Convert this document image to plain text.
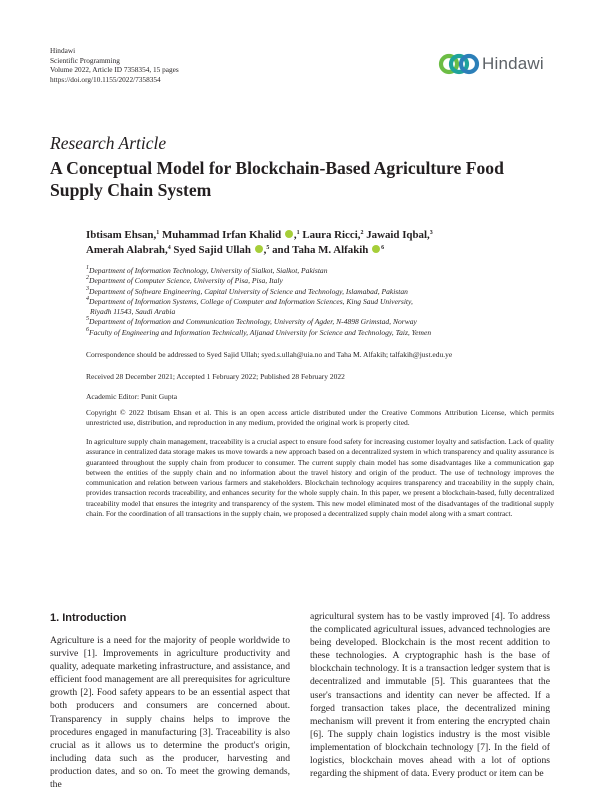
Hindawi
Scientific Programming
Volume 2022, Article ID 7358354, 15 pages
https://doi.org/10.1155/2022/7358354
Hindawi
Research Article
A Conceptual Model for Blockchain-Based Agriculture Food Supply Chain System
Ibtisam Ehsan,$^1$ Muhammad Irfan Khalid ,$^1$ Laura Ricci,$^2$ Jawaid Iqbal,$^3$
Amerah Alabrah,$^4$ Syed Sajid Ullah ,$^5$ and Taha M. Alfakih $^6$
$^1$Department of Information Technology, University of Sialkot, Sialkot, Pakistan
$^2$Department of Computer Science, University of Pisa, Pisa, Italy
$^3$Department of Software Engineering, Capital University of Science and Technology, Islamabad, Pakistan
$^4$Department of Information Systems, College of Computer and Information Sciences, King Saud University,
Riyadh 11543, Saudi Arabia
$^5$Department of Information and Communication Technology, University of Agder, N-4898 Grimstad, Norway
$^6$Faculty of Engineering and Information Technically, Aljanad University for Science and Technology, Taiz, Yemen
Correspondence should be addressed to Syed Sajid Ullah; syed.s.ullah@uia.no and Taha M. Alfakih; talfakih@just.edu.ye
Received 28 December 2021; Accepted 1 February 2022; Published 28 February 2022
Academic Editor: Punit Gupta
Copyright © 2022 Ibtisam Ehsan et al. This is an open access article distributed under the Creative Commons Attribution License, which permits unrestricted use, distribution, and reproduction in any medium, provided the original work is properly cited.
In agriculture supply chain management, traceability is a crucial aspect to ensure food safety for increasing customer loyalty and satisfaction. Lack of quality assurance in centralized data storage makes us move towards a new approach based on a decentralized system in which transparency and quality assurance is guaranteed throughout the supply chain from producer to consumer. The current supply chain model has some disadvantages like a communication gap between the entities of the supply chain and no information about the travel history and origin of the product. The use of technology improves the communication and relation between various farmers and stakeholders. Blockchain technology acquires transparency and traceability in the supply chain, provides transaction records traceability, and enhances security for the whole supply chain. In this paper, we present a blockchain-based, fully decentralized traceability model that ensures the integrity and transparency of the system. This new model eliminated most of the disadvantages of the traditional supply chain. For the coordination of all transactions in the supply chain, we proposed a decentralized supply chain model along with a smart contract.
1. Introduction
Agriculture is a need for the majority of people worldwide to survive [1]. Improvements in agriculture productivity and quality, adequate marketing infrastructure, and assistance, and efficient food management are all prerequisites for agriculture growth [2]. Food safety appears to be an essential aspect that both producers and consumers are concerned about. Transparency in supply chains helps to improve the procedures engaged in manufacturing [3]. Traceability is also crucial as it allows us to determine the product's origin, including data such as the producer, harvesting and production dates, and so on. To meet the growing demands, the
agricultural system has to be vastly improved [4]. To address the complicated agricultural issues, advanced technologies are being developed. Blockchain is the most recent addition to these technologies. A cryptographic hash is the base of blockchain technology. It is a transaction ledger system that is decentralized and immutable [5]. This guarantees that the user's transactions and identity can never be affected. If a forged transaction takes place, the decentralized mining mechanism will prevent it from entering the encrypted chain [6]. The supply chain logistics industry is the most visible implementation of blockchain technology [7]. In the field of logistics, blockchain moves ahead with a lot of options regarding the shipment of data. Every product or item can be
